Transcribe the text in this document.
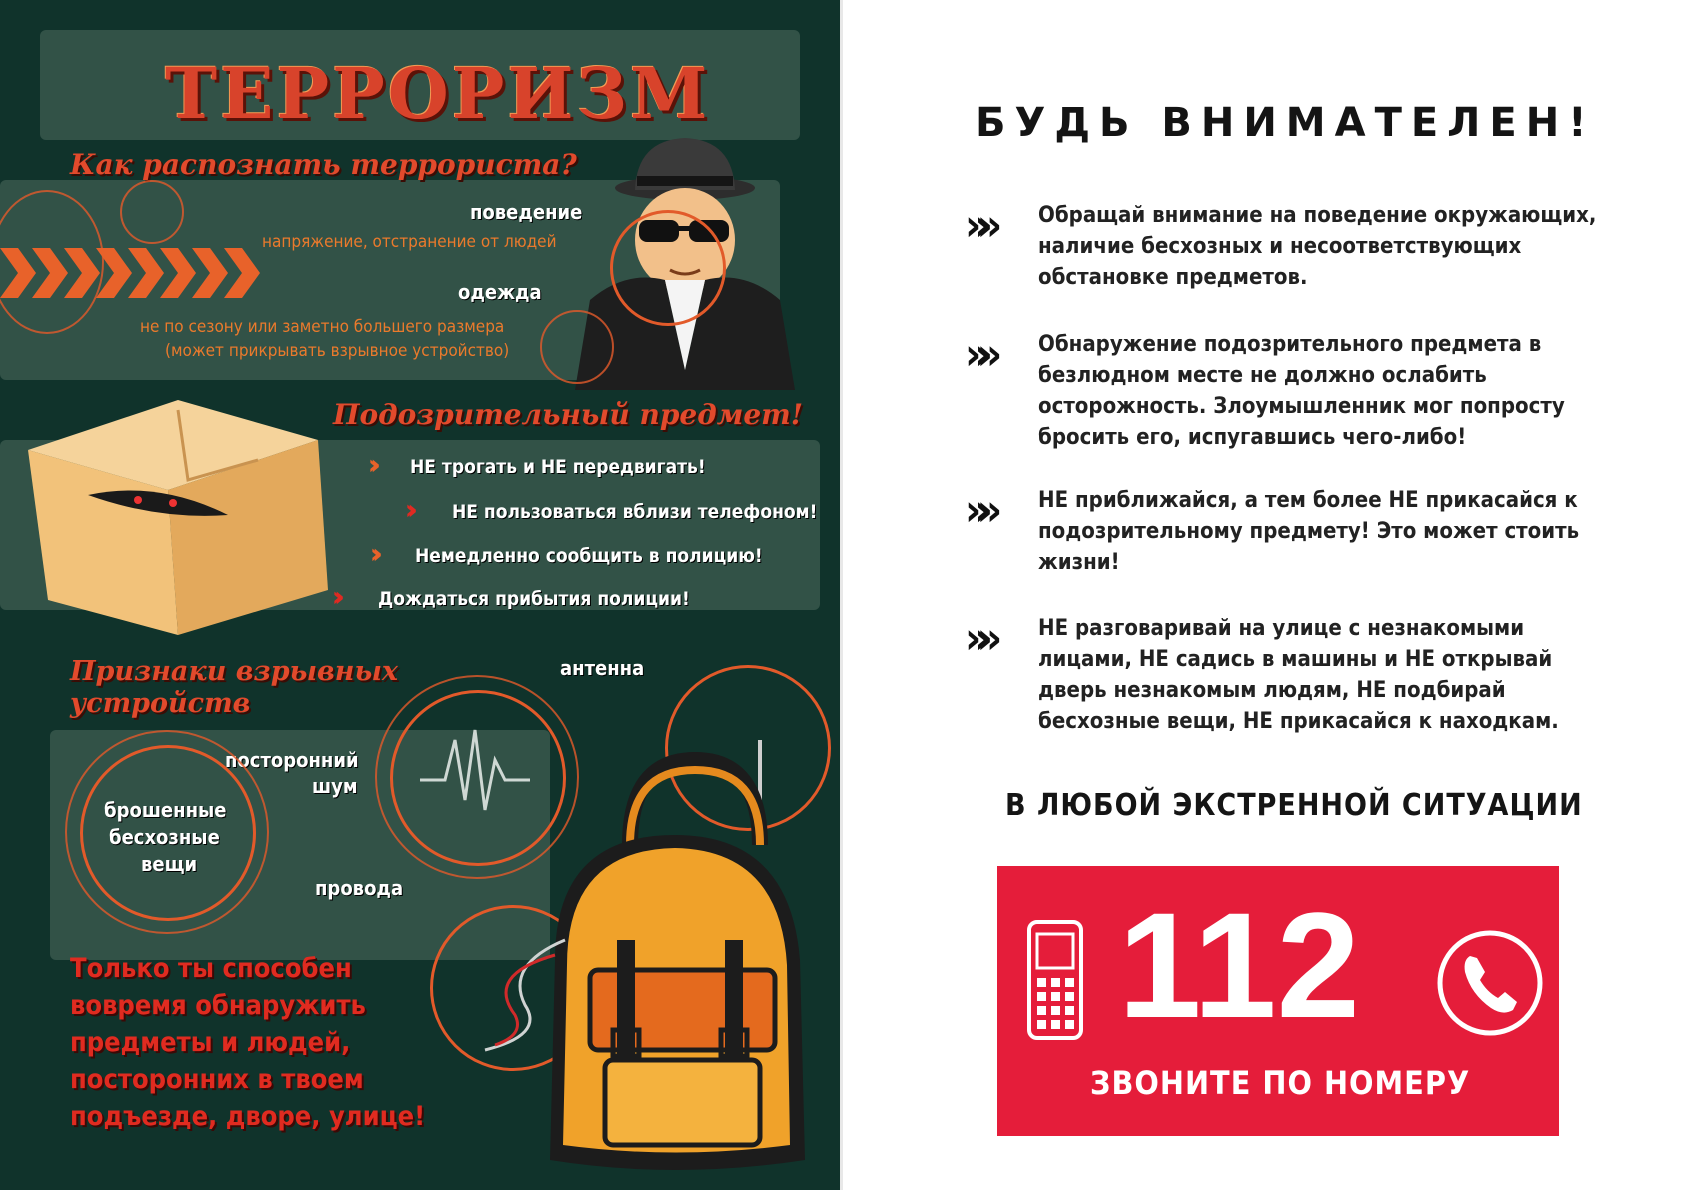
ТЕРРОРИЗМ
Как распознать террориста?

поведение

напряжение, отстранение от людей

одежда

не по сезону или заметно большего размера

(может прикрывать взрывное устройство)

Подозрительный предмет!
›› НЕ трогать и НЕ передвигать!

›› НЕ пользоваться вблизи телефоном!

›› Немедленно сообщить в полицию!

›› Дождаться прибытия полиции!

Признаки взрывных
устройств

антенна

посторонний

шум

брошенные

бесхозные

вещи

провода

Только ты способен вовремя обнаружить предметы и людей, посторонних в твоем подъезде, дворе, улице!

БУДЬ ВНИМАТЕЛЕН!
»» Обращай внимание на поведение окружающих, наличие бесхозных и несоответствующих обстановке предметов.

»» Обнаружение подозрительного предмета в безлюдном месте не должно ослабить осторожность. Злоумышленник мог попросту бросить его, испугавшись чего-либо!

»» НЕ приближайся, а тем более НЕ прикасайся к подозрительному предмету! Это может стоить жизни!

»» НЕ разговаривай на улице с незнакомыми лицами, НЕ садись в машины и НЕ открывай дверь незнакомым людям, НЕ подбирай бесхозные вещи, НЕ прикасайся к находкам.

В ЛЮБОЙ ЭКСТРЕННОЙ СИТУАЦИИ

112

ЗВОНИТЕ ПО НОМЕРУ
